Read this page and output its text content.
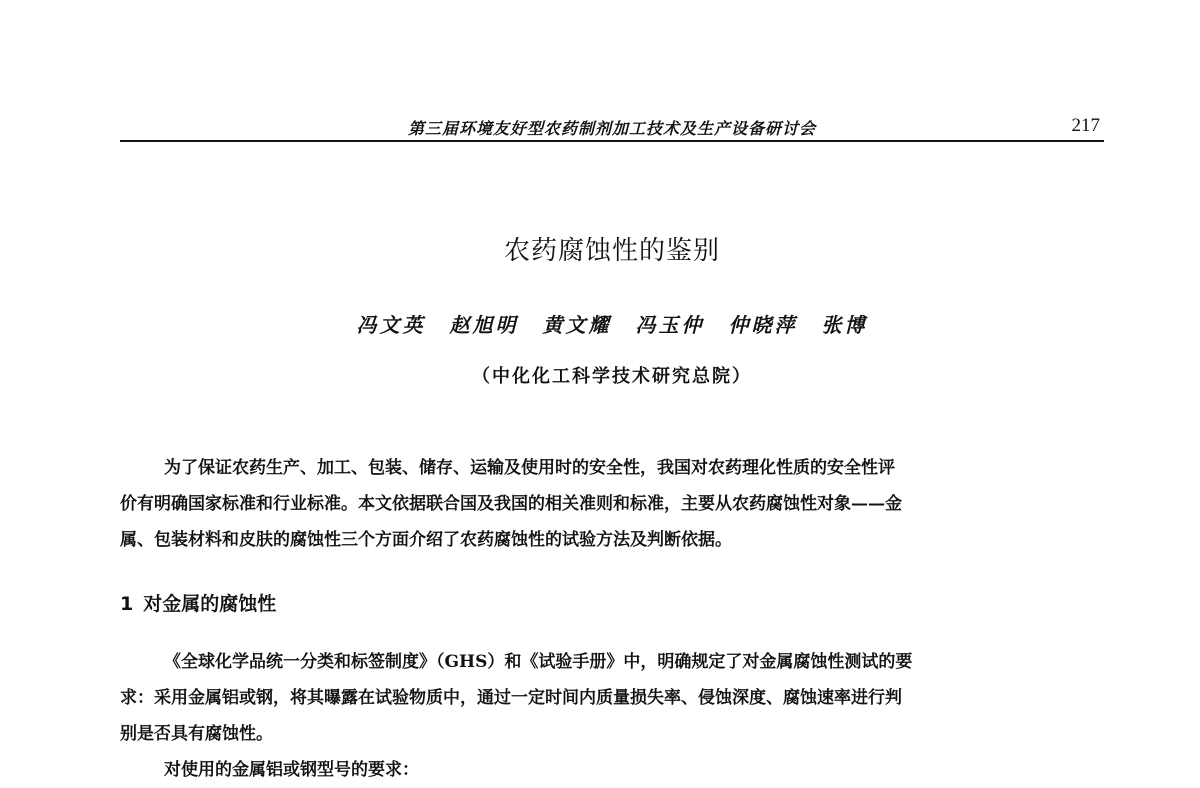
第三届环境友好型农药制剂加工技术及生产设备研讨会	217
农药腐蚀性的鉴别
冯文英 赵旭明 黄文耀 冯玉仲 仲晓萍 张博
（中化化工科学技术研究总院）
为了保证农药生产、加工、包装、储存、运输及使用时的安全性，我国对农药理化性质的安全性评
价有明确国家标准和行业标准。本文依据联合国及我国的相关准则和标准，主要从农药腐蚀性对象——金
属、包装材料和皮肤的腐蚀性三个方面介绍了农药腐蚀性的试验方法及判断依据。
1 对金属的腐蚀性
《全球化学品统一分类和标签制度》（GHS）和《试验手册》中，明确规定了对金属腐蚀性测试的要
求：采用金属铝或钢，将其曝露在试验物质中，通过一定时间内质量损失率、侵蚀深度、腐蚀速率进行判
别是否具有腐蚀性。
对使用的金属铝或钢型号的要求：
